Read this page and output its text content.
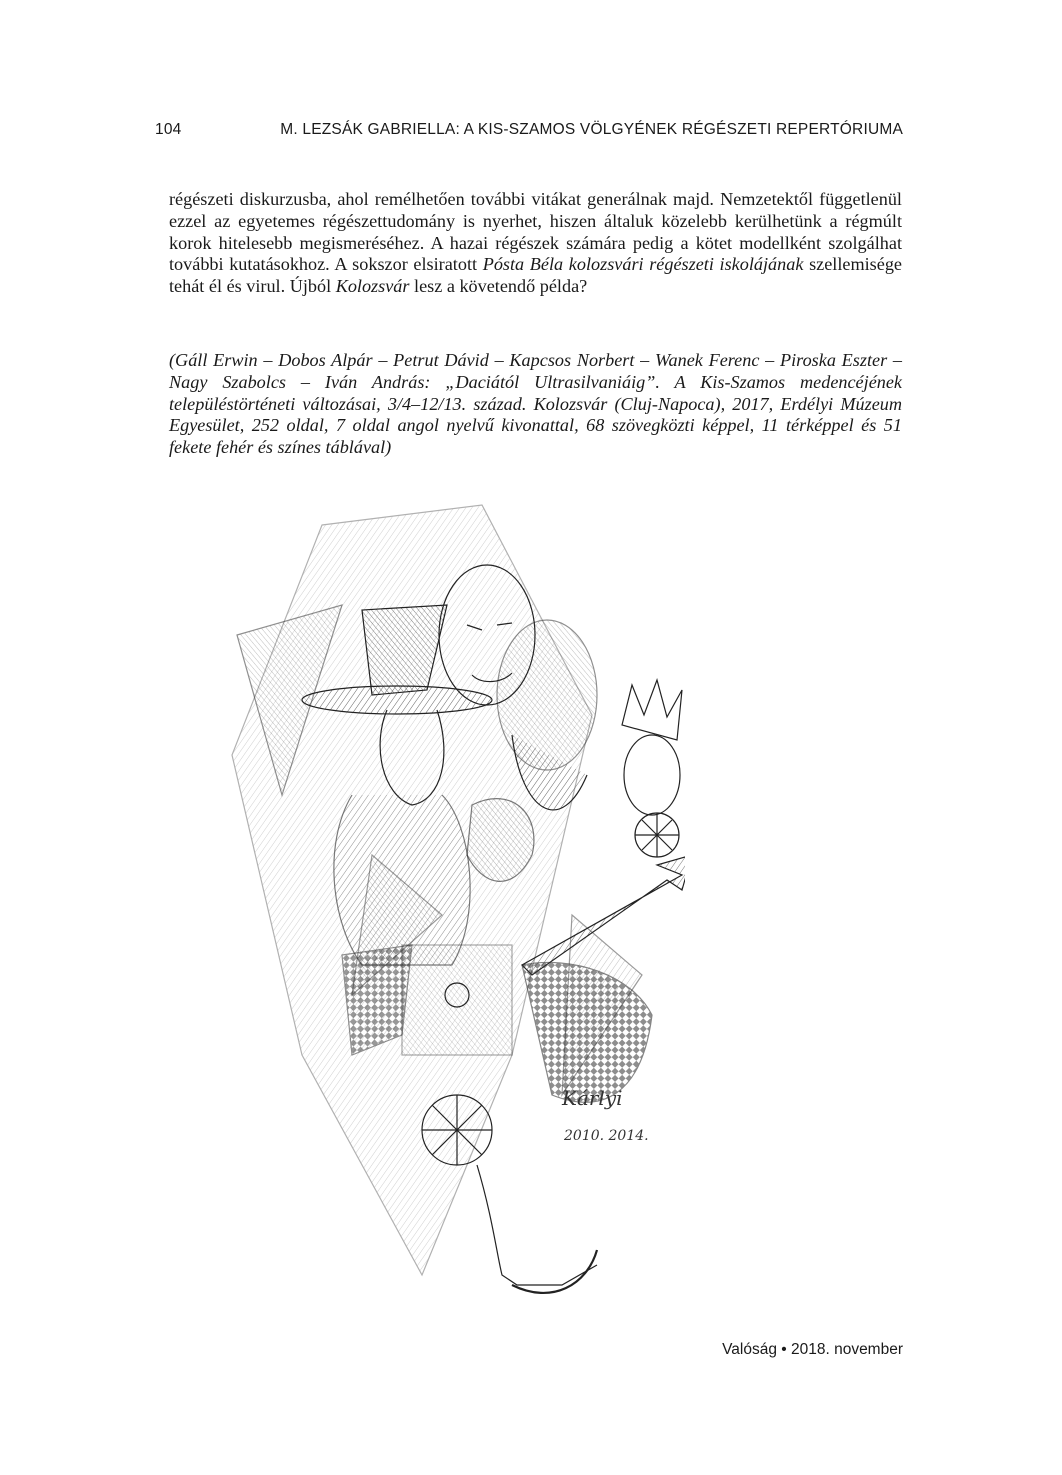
104	M. LEZSÁK GABRIELLA: A KIS-SZAMOS VÖLGYÉNEK RÉGÉSZETI REPERTÓRIUMA

régészeti diskurzusba, ahol remélhetően további vitákat generálnak majd. Nemzetektől függetlenül ezzel az egyetemes régészettudomány is nyerhet, hiszen általuk közelebb kerülhetünk a régmúlt korok hitelesebb megismeréséhez. A hazai régészek számára pedig a kötet modellként szolgálhat további kutatásokhoz. A sokszor elsiratott Pósta Béla kolozsvári régészeti iskolájának szellemisége tehát él és virul. Újból Kolozsvár lesz a követendő példa?

(Gáll Erwin – Dobos Alpár – Petrut Dávid – Kapcsos Norbert – Wanek Ferenc – Piroska Eszter – Nagy Szabolcs – Iván András: „Daciától Ultrasilvaniáig”. A Kis-Szamos medencéjének településtörténeti változásai, 3/4–12/13. század. Kolozsvár (Cluj-Napoca), 2017, Erdélyi Múzeum Egyesület, 252 oldal, 7 oldal angol nyelvű kivonattal, 68 szövegközti képpel, 11 térképpel és 51 fekete fehér és színes táblával)

Kárlyi
2010. 2014.
Valóság • 2018. november
